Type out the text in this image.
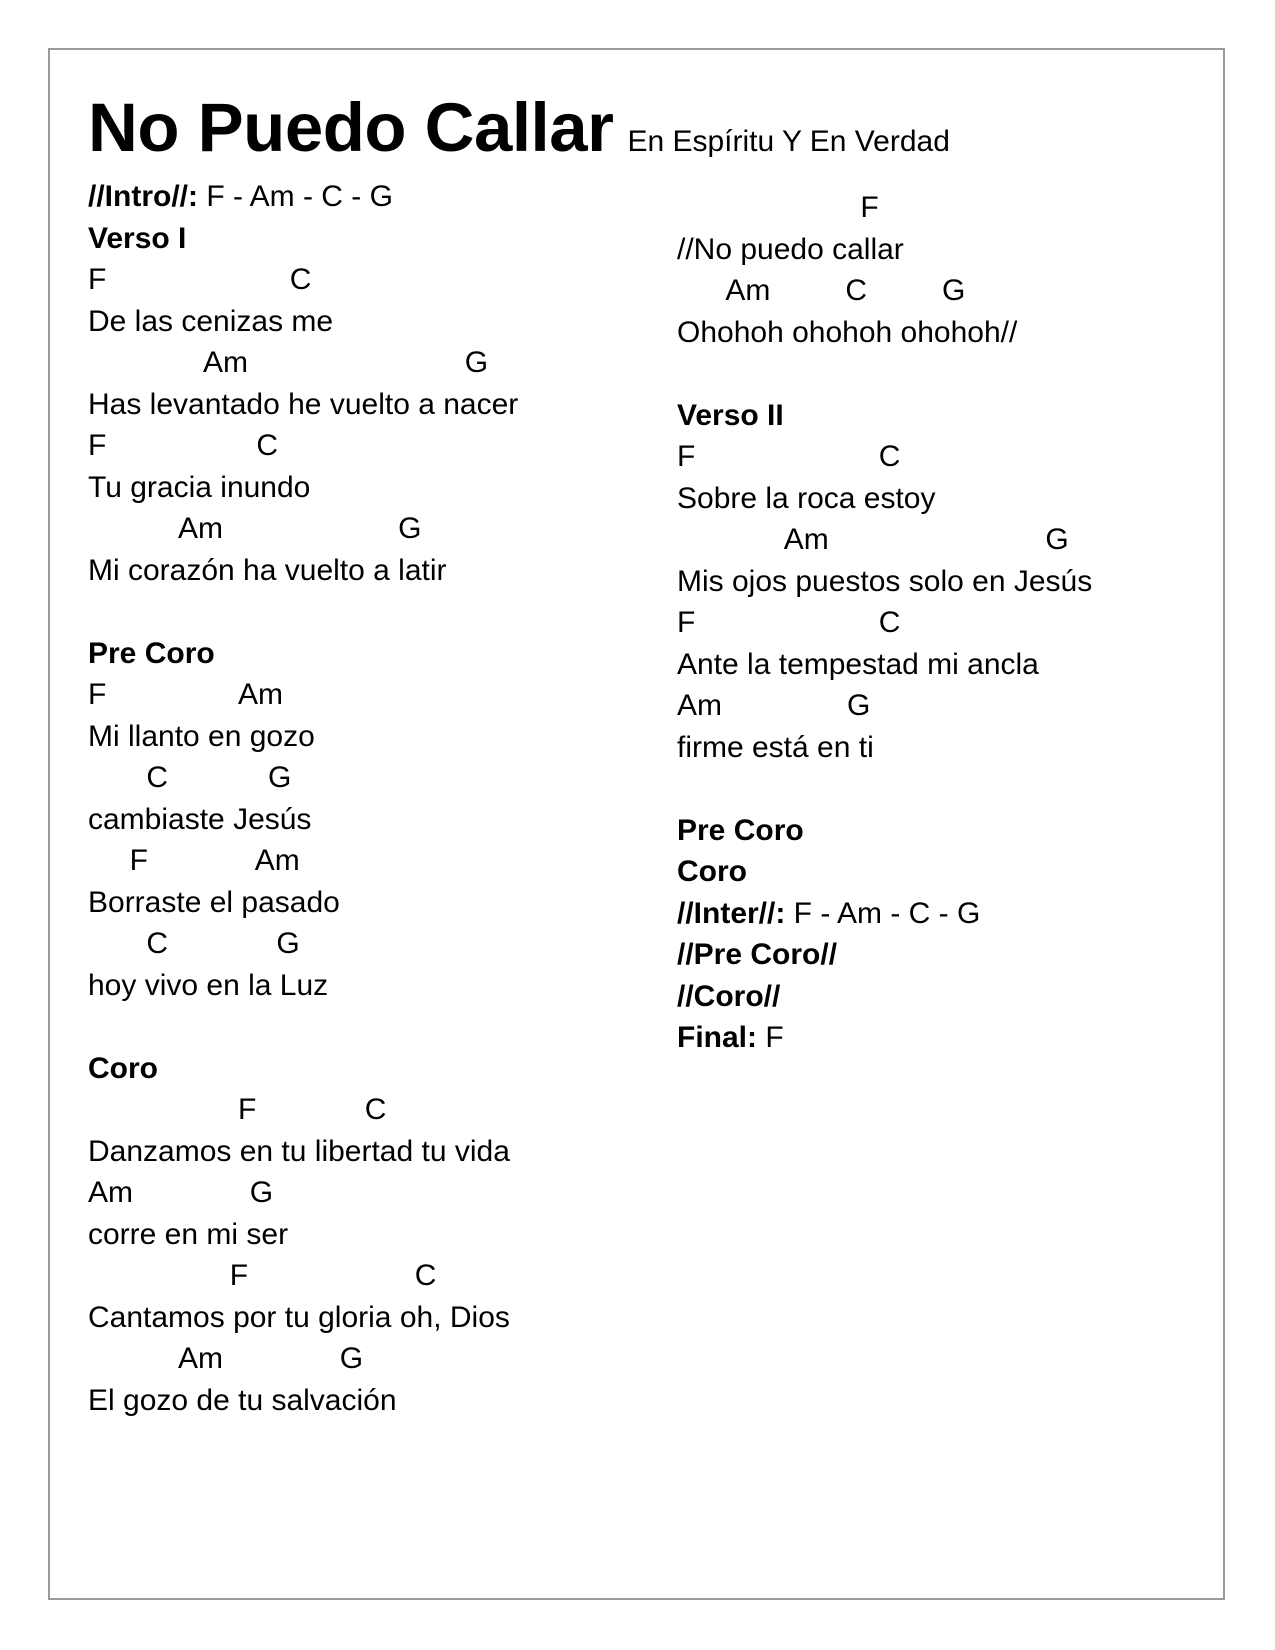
No Puedo Callar En Espíritu Y En Verdad
//Intro//: F - Am - C - G
Verso I
F                      C
De las cenizas me
Am                          G
Has levantado he vuelto a nacer
F                  C
Tu gracia inundo
Am                     G
Mi corazón ha vuelto a latir
Pre Coro
F                Am
Mi llanto en gozo
C            G
cambiaste Jesús
F             Am
Borraste el pasado
C             G
hoy vivo en la Luz
Coro
F             C
Danzamos en tu libertad tu vida
Am              G
corre en mi ser
F                    C
Cantamos por tu gloria oh, Dios
Am              G
El gozo de tu salvación
F
//No puedo callar
Am         C         G
Ohohoh ohohoh ohohoh//
Verso II
F                      C
Sobre la roca estoy
Am                          G
Mis ojos puestos solo en Jesús
F                      C
Ante la tempestad mi ancla
Am               G
firme está en ti
Pre Coro
Coro
//Inter//: F - Am - C - G
//Pre Coro//
//Coro//
Final: F
